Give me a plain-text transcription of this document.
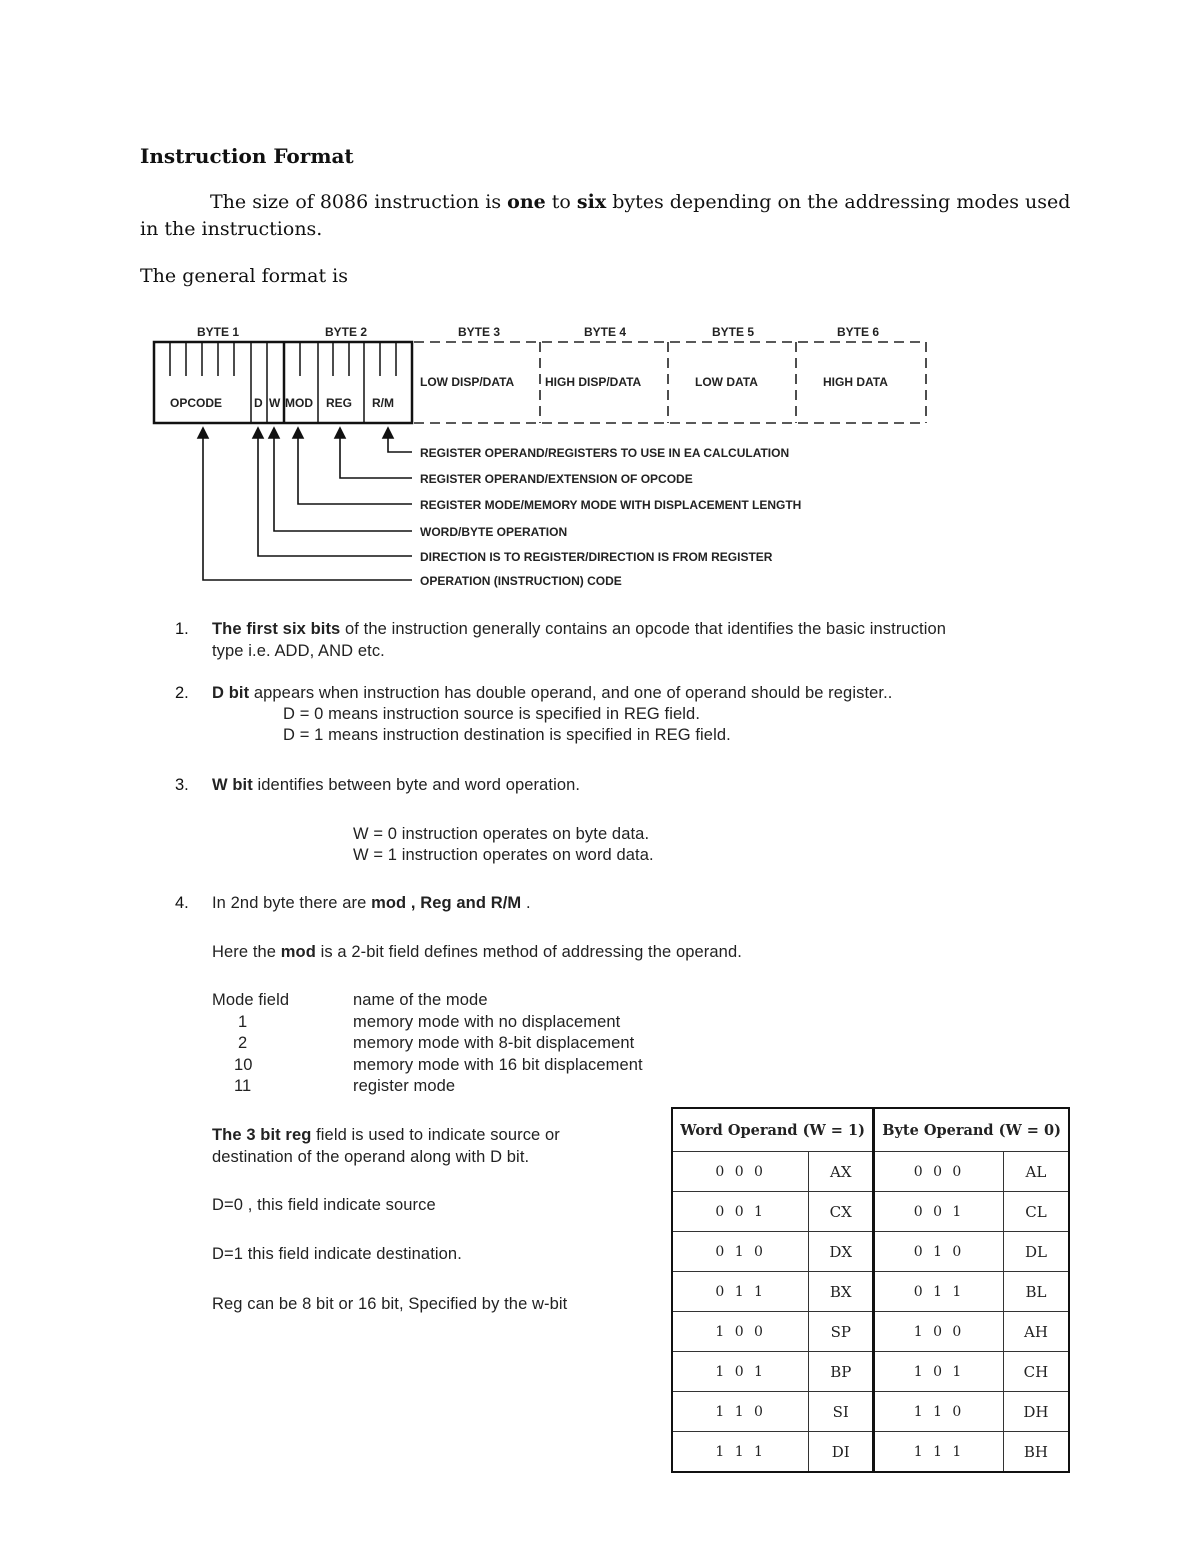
Instruction Format
The size of 8086 instruction is one to six bytes depending on the addressing modes used
in the instructions.
The general format is
BYTE 1	BYTE 2	BYTE 3	BYTE 4	BYTE 5	BYTE 6
OPCODE	D W MOD REG R/M
LOW DISP/DATA	HIGH DISP/DATA	LOW DATA	HIGH DATA
REGISTER OPERAND/REGISTERS TO USE IN EA CALCULATION
REGISTER OPERAND/EXTENSION OF OPCODE
REGISTER MODE/MEMORY MODE WITH DISPLACEMENT LENGTH
WORD/BYTE OPERATION
DIRECTION IS TO REGISTER/DIRECTION IS FROM REGISTER
OPERATION (INSTRUCTION) CODE
1. The first six bits of the instruction generally contains an opcode that identifies the basic instruction
type i.e. ADD, AND etc.
2. D bit appears when instruction has double operand, and one of operand should be register..
D = 0 means instruction source is specified in REG field.
D = 1 means instruction destination is specified in REG field.
3. W bit identifies between byte and word operation.
W = 0 instruction operates on byte data.
W = 1 instruction operates on word data.
4. In 2nd byte there are mod , Reg and R/M .
Here the mod is a 2-bit field defines method of addressing the operand.
Mode field	name of the mode
1	memory mode with no displacement
2	memory mode with 8-bit displacement
10	memory mode with 16 bit displacement
11	register mode
The 3 bit reg field is used to indicate source or
destination of the operand along with D bit.
D=0 , this field indicate source
D=1 this field indicate destination.
Reg can be 8 bit or 16 bit, Specified by the w-bit
Word Operand (W = 1)		Byte Operand (W = 0)	
0 0 0	AX	0 0 0	AL
0 0 1	CX	0 0 1	CL
0 1 0	DX	0 1 0	DL
0 1 1	BX	0 1 1	BL
1 0 0	SP	1 0 0	AH
1 0 1	BP	1 0 1	CH
1 1 0	SI	1 1 0	DH
1 1 1	DI	1 1 1	BH
